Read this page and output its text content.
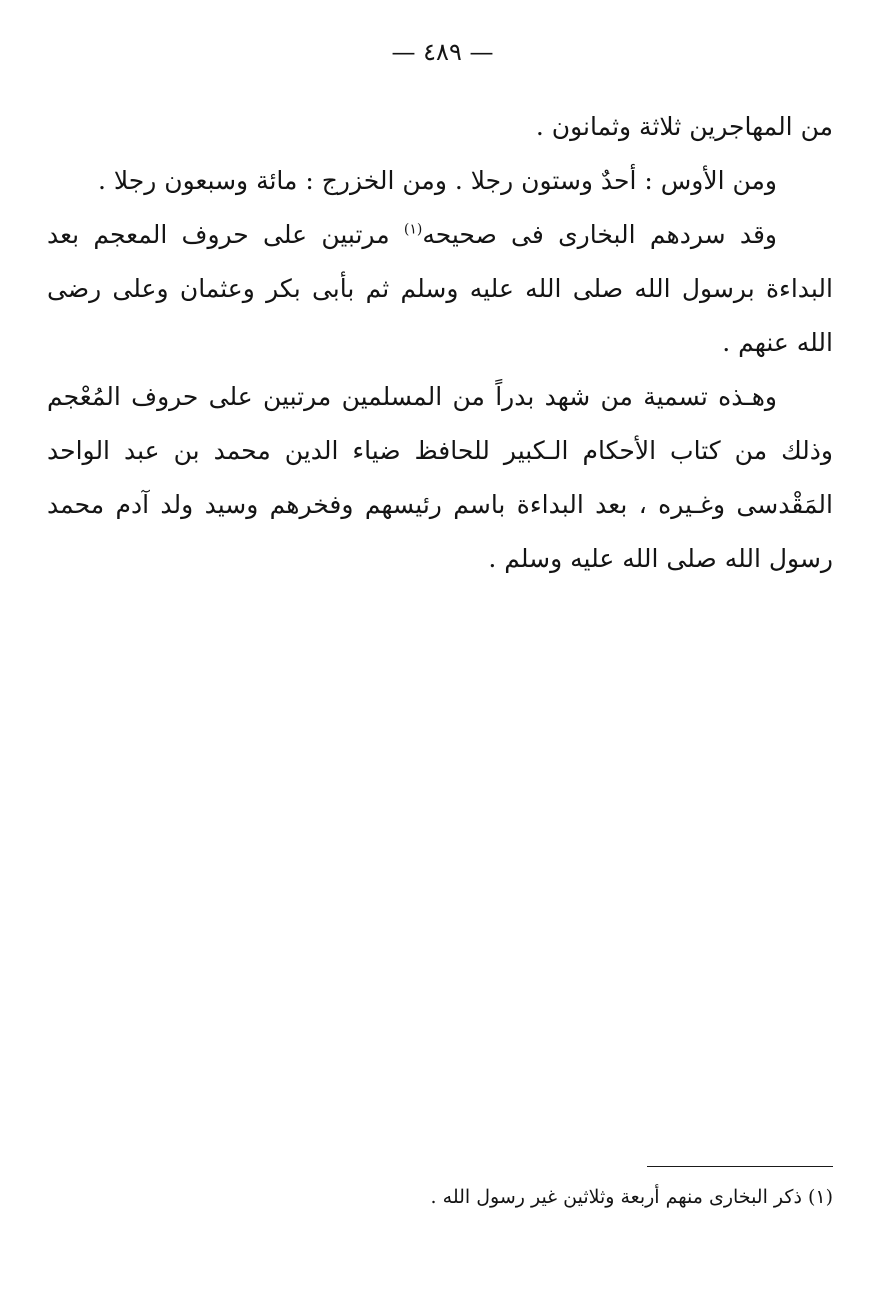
— ٤٨٩ —

من المهاجرين ثلاثة وثمانون .

ومن الأوس : أحدٌ وستون رجلا . ومن الخزرج : مائة وسبعون رجلا .

وقد سردهم البخارى فى صحيحه$^{(١)}$ مرتبين على حروف المعجم بعد البداءة برسول الله صلى الله عليه وسلم ثم بأبى بكر وعثمان وعلى رضى الله عنهم .

وهـذه تسمية من شهد بدراً من المسلمين مرتبين على حروف المُعْجم وذلك من كتاب الأحكام الـكبير للحافظ ضياء الدين محمد بن عبد الواحد المَقْدسى وغـيره ، بعد البداءة باسم رئيسهم وفخرهم وسيد ولد آدم محمد رسول الله صلى الله عليه وسلم .

(١) ذكر البخارى منهم أربعة وثلاثين غير رسول الله .
